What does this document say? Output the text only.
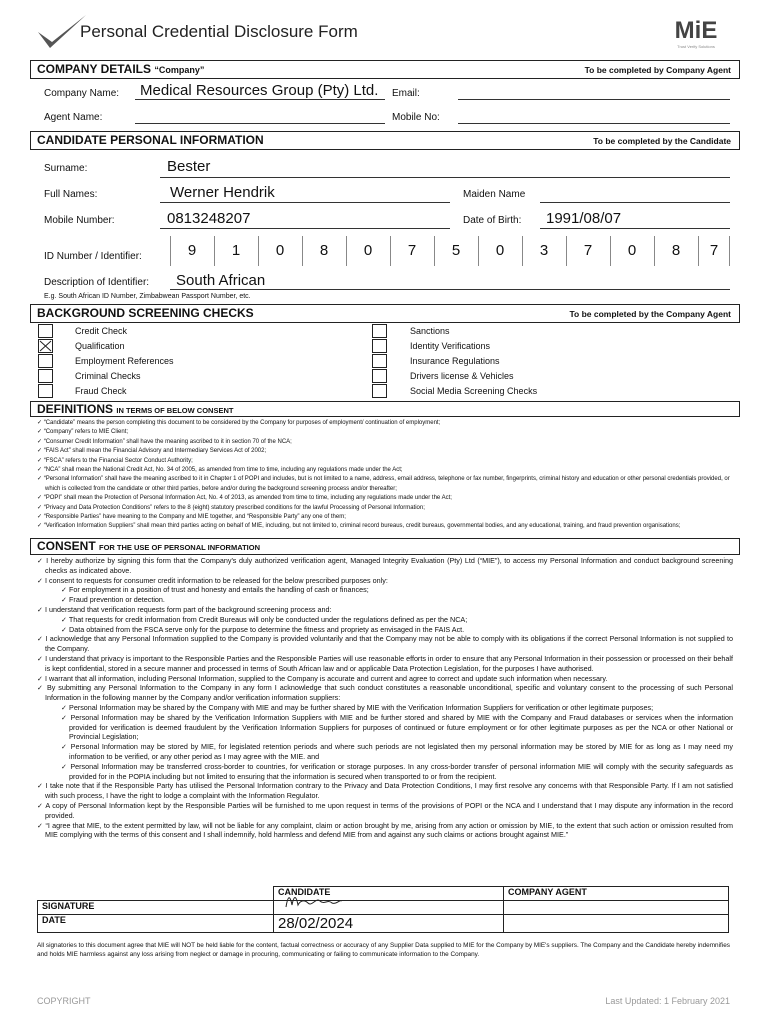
Personal Credential Disclosure Form	MiE
Trust Verify Solutions
COMPANY DETAILS “Company”	To be completed by Company Agent
Company Name: Medical Resources Group (Pty) Ltd. Email:
Agent Name:	Mobile No:
CANDIDATE PERSONAL INFORMATION	To be completed by the Candidate
Surname:	Bester
Full Names:	Werner Hendrik	Maiden Name
Mobile Number:	0813248207	Date of Birth: 1991/08/07
ID Number / Identifier:	9	1	0	8	0	7	5	0	3	7	0	8	7
Description of Identifier: South African
E.g. South African ID Number, Zimbabwean Passport Number, etc.
BACKGROUND SCREENING CHECKS	To be completed by the Company Agent
Credit Check
Qualification
Employment References
Criminal Checks
Fraud Check
Sanctions
Identity Verifications
Insurance Regulations
Drivers license & Vehicles
Social Media Screening Checks
DEFINITIONS IN TERMS OF BELOW CONSENT
✓ “Candidate” means the person completing this document to be considered by the Company for purposes of employment/ continuation of employment;
✓ “Company” refers to MIE Client;
✓ “Consumer Credit Information” shall have the meaning ascribed to it in section 70 of the NCA;
✓ “FAIS Act” shall mean the Financial Advisory and Intermediary Services Act of 2002;
✓ “FSCA” refers to the Financial Sector Conduct Authority;
✓ “NCA” shall mean the National Credit Act, No. 34 of 2005, as amended from time to time, including any regulations made under the Act;
✓ “Personal Information” shall have the meaning ascribed to it in Chapter 1 of POPI and includes, but is not limited to a name, address, email address, telephone or fax number, fingerprints, criminal history and education or other personal credentials provided, or which is collected from the candidate or other third parties, before and/or during the background screening process and/or thereafter;
✓ “POPI” shall mean the Protection of Personal Information Act, No. 4 of 2013, as amended from time to time, including any regulations made under the Act;
✓ “Privacy and Data Protection Conditions” refers to the 8 (eight) statutory prescribed conditions for the lawful Processing of Personal Information;
✓ “Responsible Parties” have meaning to the Company and MIE together, and “Responsible Party” any one of them;
✓ “Verification Information Suppliers” shall mean third parties acting on behalf of MIE, including, but not limited to, criminal record bureaus, credit bureaus, governmental bodies, and any educational, training, and fraud prevention organisations;
CONSENT FOR THE USE OF PERSONAL INFORMATION
✓ I hereby authorize by signing this form that the Company's duly authorized verification agent, Managed Integrity Evaluation (Pty) Ltd (“MIE”), to access my Personal Information and conduct background screening checks as indicated above.
✓ I consent to requests for consumer credit information to be released for the below prescribed purposes only:
✓ For employment in a position of trust and honesty and entails the handling of cash or finances;
✓ Fraud prevention or detection.
✓ I understand that verification requests form part of the background screening process and:
✓ That requests for credit information from Credit Bureaus will only be conducted under the regulations defined as per the NCA;
✓ Data obtained from the FSCA serve only for the purpose to determine the fitness and propriety as envisaged in the FAIS Act.
✓ I acknowledge that any Personal Information supplied to the Company is provided voluntarily and that the Company may not be able to comply with its obligations if the correct Personal Information is not supplied to the Company.
✓ I understand that privacy is important to the Responsible Parties and the Responsible Parties will use reasonable efforts in order to ensure that any Personal Information in their possession or processed on their behalf is kept confidential, stored in a secure manner and processed in terms of South African law and or applicable Data Protection Legislation, for the purposes I have authorised.
✓ I warrant that all information, including Personal Information, supplied to the Company is accurate and current and agree to correct and update such information when necessary.
✓ By submitting any Personal Information to the Company in any form I acknowledge that such conduct constitutes a reasonable unconditional, specific and voluntary consent to the processing of such Personal Information in the following manner by the Company and/or verification information suppliers:
✓ Personal Information may be shared by the Company with MIE and may be further shared by MIE with the Verification Information Suppliers for verification or other legitimate purposes;
✓ Personal Information may be shared by the Verification Information Suppliers with MIE and be further stored and shared by MIE with the Company and Fraud databases or services when the information provided for verification is deemed fraudulent by the Verification Information Suppliers for purposes of continued or future employment or for other legitimate purposes as per the NCA or other National or Provincial Legislation;
✓ Personal Information may be stored by MIE, for legislated retention periods and where such periods are not legislated then my personal information may be stored by MIE for as long as I may need my information to be verified, or any other period as I may agree with the MIE. and
✓ Personal Information may be transferred cross-border to countries, for verification or storage purposes. In any cross-border transfer of personal information MIE will comply with the security safeguards as provided for in the POPIA including but not limited to ensuring that the information is secured when transported to or from the recipient.
✓ I take note that if the Responsible Party has utilised the Personal Information contrary to the Privacy and Data Protection Conditions, I may first resolve any concerns with that Responsible Party. If I am not satisfied with such process, I have the right to lodge a complaint with the Information Regulator.
✓ A copy of Personal Information kept by the Responsible Parties will be furnished to me upon request in terms of the provisions of POPI or the NCA and I understand that I may dispute any information in the record provided.
✓ “I agree that MIE, to the extent permitted by law, will not be liable for any complaint, claim or action brought by me, arising from any action or omission by MIE, to the extent that such action or omission resulted from MIE complying with the terms of this consent and I shall indemnify, hold harmless and defend MIE from and against any such claims or actions brought against MIE.”
	CANDIDATE	COMPANY AGENT
SIGNATURE	

DATE	28/02/2024	
All signatories to this document agree that MIE will NOT be held liable for the content, factual correctness or accuracy of any Supplier Data supplied to MIE for the Company by MIE's suppliers. The Company and the Candidate hereby indemnifies and holds MIE harmless against any loss arising from neglect or damage in procuring, communicating or failing to communicate information to the Company.
COPYRIGHT	Last Updated: 1 February 2021
